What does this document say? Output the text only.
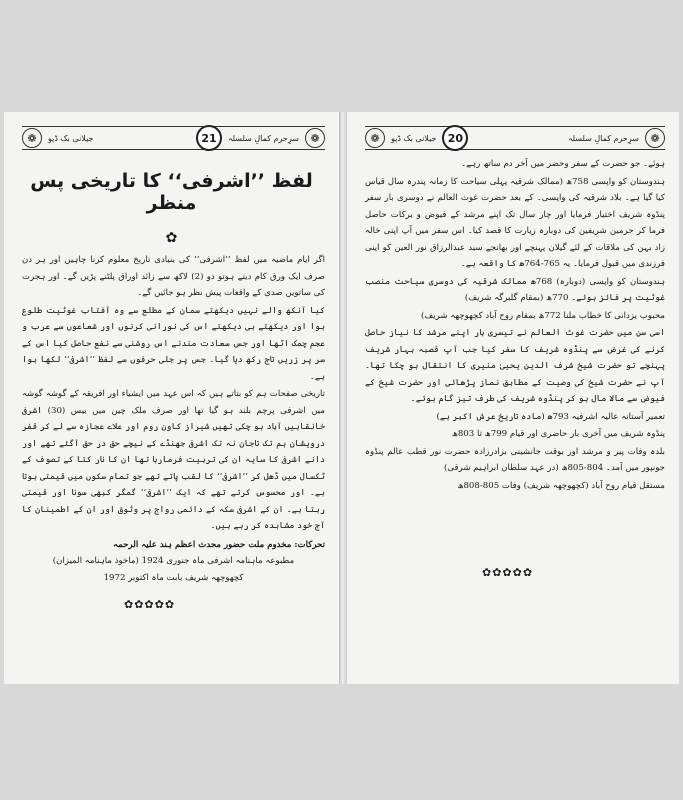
❁
سرِحرم کمالِ سلسلہ
21
جیلانی بک ڈپو
❁
لفظ ’’اشرفی‘‘ کا تاریخی پس منظر
✿

اگر ایام ماضیہ میں لفظ ’’اشرفی‘‘ کی بنیادی تاریخ معلوم کرنا چاہیں اور ہر دن صرف ایک ورق کام دیتے ہوتو دو (2) لاکھ سے زائد اوراق پلٹنے پڑیں گے۔ اور ہجرت کی ساتویں صدی کے واقعات پیش نظر ہو جائیں گے۔

کیا آنکھ والے نہیں دیکھتے سمان کے مطلع سے وہ آفتاب غوثیت طلوع ہوا اور دیکھتے ہی دیکھتے اس کی نورانی کرنوں اور شعاعوں سے عرب و عجم چمک اٹھا اور جس سعادت مندنے اس روشنی سے نفع حاصل کیا اس کے سر پر زریں تاج رکھ دیا گیا۔ جس پر جلی حرفوں سے لفظ ’’اشرفی‘‘ لکھا ہوا ہے۔

تاریخی صفحات ہم کو بتاتے ہیں کہ اس عہد میں ایشیاء اور افریقہ کے گوشہ گوشہ میں اشرفی پرچم بلند ہو گیا تھا اور صرف ملک چین میں بیس (30) اشرفی خانقاہیں آباد ہو چکی تھیں شیراز کاون روم اور علاے عجازہ سے لے کر قفر درویشان ہم تک تاجان نہ تک اشرفی جھنڈے کے نیچے حق در حق آگئے تھے اور دانے اشرفی کا سایہ ان کی تربیت فرمارہا تھا ان کا نار کتا کے تصوف کے ٹکسال میں ڈھل کر ’’اشرفی‘‘ کا لقب پاتے تھے جو تمام سکوں میں قیمتی ہوتا ہے۔ اور محسوس کرتے تھے کہ ایک ’’اشرفی‘‘ گمگر کبھی سونا اور قیمتی رہتا ہے۔ ان کے اشرفی سکہ کے دائمی رواج پر وثوق اور ان کے اطمینان کا آج خود مشاہدہ کر رہے ہیں۔

تحرکات: مخدوم ملت حضور محدث اعظم ہند علیہ الرحمہ
مطبوعہ ماہنامہ اشرفی ماہ جنوری 1924 (ماخوذ ماہنامہ المیزان)
کچھوچھہ شریف بابت ماہ اکتوبر 1972
✿✿✿✿✿
❁
سرِحرم کمالِ سلسلہ
20
جیلانی بک ڈپو
❁

ہوئے۔ جو حضرت کے سفر وحضر میں آخر دم ساتھ رہے۔

ہندوستان کو واپسی 758ھ (ممالک شرقیہ پہلی سیاحت کا زمانہ پندرہ سال قیاس کیا گیا ہے۔ بلاد شرقیہ کی واپسی۔ کے بعد حضرت غوث العالم نے دوسری بار سفر پنڈوہ شریف اختیار فرمایا اور چار سال تک اپنے مرشد کے فیوض و برکات حاصل فرما کر حرمین شریفین کی دوبارہ زیارت کا قصد کیا۔ اس سفر میں آپ اپنی خالہ زاد بہن کی ملاقات کے لئے گیلان پہنچے اور بھانجے سید عبدالرزاق نور العین کو اپنی فرزندی میں قبول فرمایا۔ یہ 765-764ھ کا واقعہ ہے۔

ہندوستان کو واپسی (دوبارہ) 768ھ ممالک شرقیہ کی دوسری سیاحت منصب غوثیت پر فائز ہوئے۔ 770ھ (بمقام گلبرگہ شریف)

محبوب یزدانی کا خطاب ملنا 772ھ بمقام روح آباد کچھوچھہ شریف)

اسی سن میں حضرت غوث العالم نے تیسری بار اپنے مرشد کا نیاز حاصل کرنے کی غرض سے پنڈوہ شریف کا سفر کیا جب آپ قصبہ بہار شریف پہنچے تو حضرت شیخ شرف الدین یحییٰ منیری کا انتقال ہو چکا تھا۔ آپ نے حضرت شیخ کی وصیت کے مطابق نماز پڑھائی اور حضرت شیخ کے فیوض سے مالا مال ہو کر پنڈوہ شریف کی طرف تیز گام ہوئے۔

تعمیر آستانہ عالیہ اشرفیہ 793ھ (مادہ تاریخ عرش اکبر ہے)

پنڈوہ شریف میں آخری بار حاضری اور قیام 799ھ تا 803ھ

بلدہ وفات پیر و مرشد اور بوقت جانشینی برادرزادہ حضرت نور قطب عالم پنڈوہ جونپور میں آمد۔ 804-805ھ (در عہد سلطان ابراہیم شرقی)

مستقل قیام روح آباد (کچھوچھہ شریف) وفات 805-808ھ

✿✿✿✿✿
